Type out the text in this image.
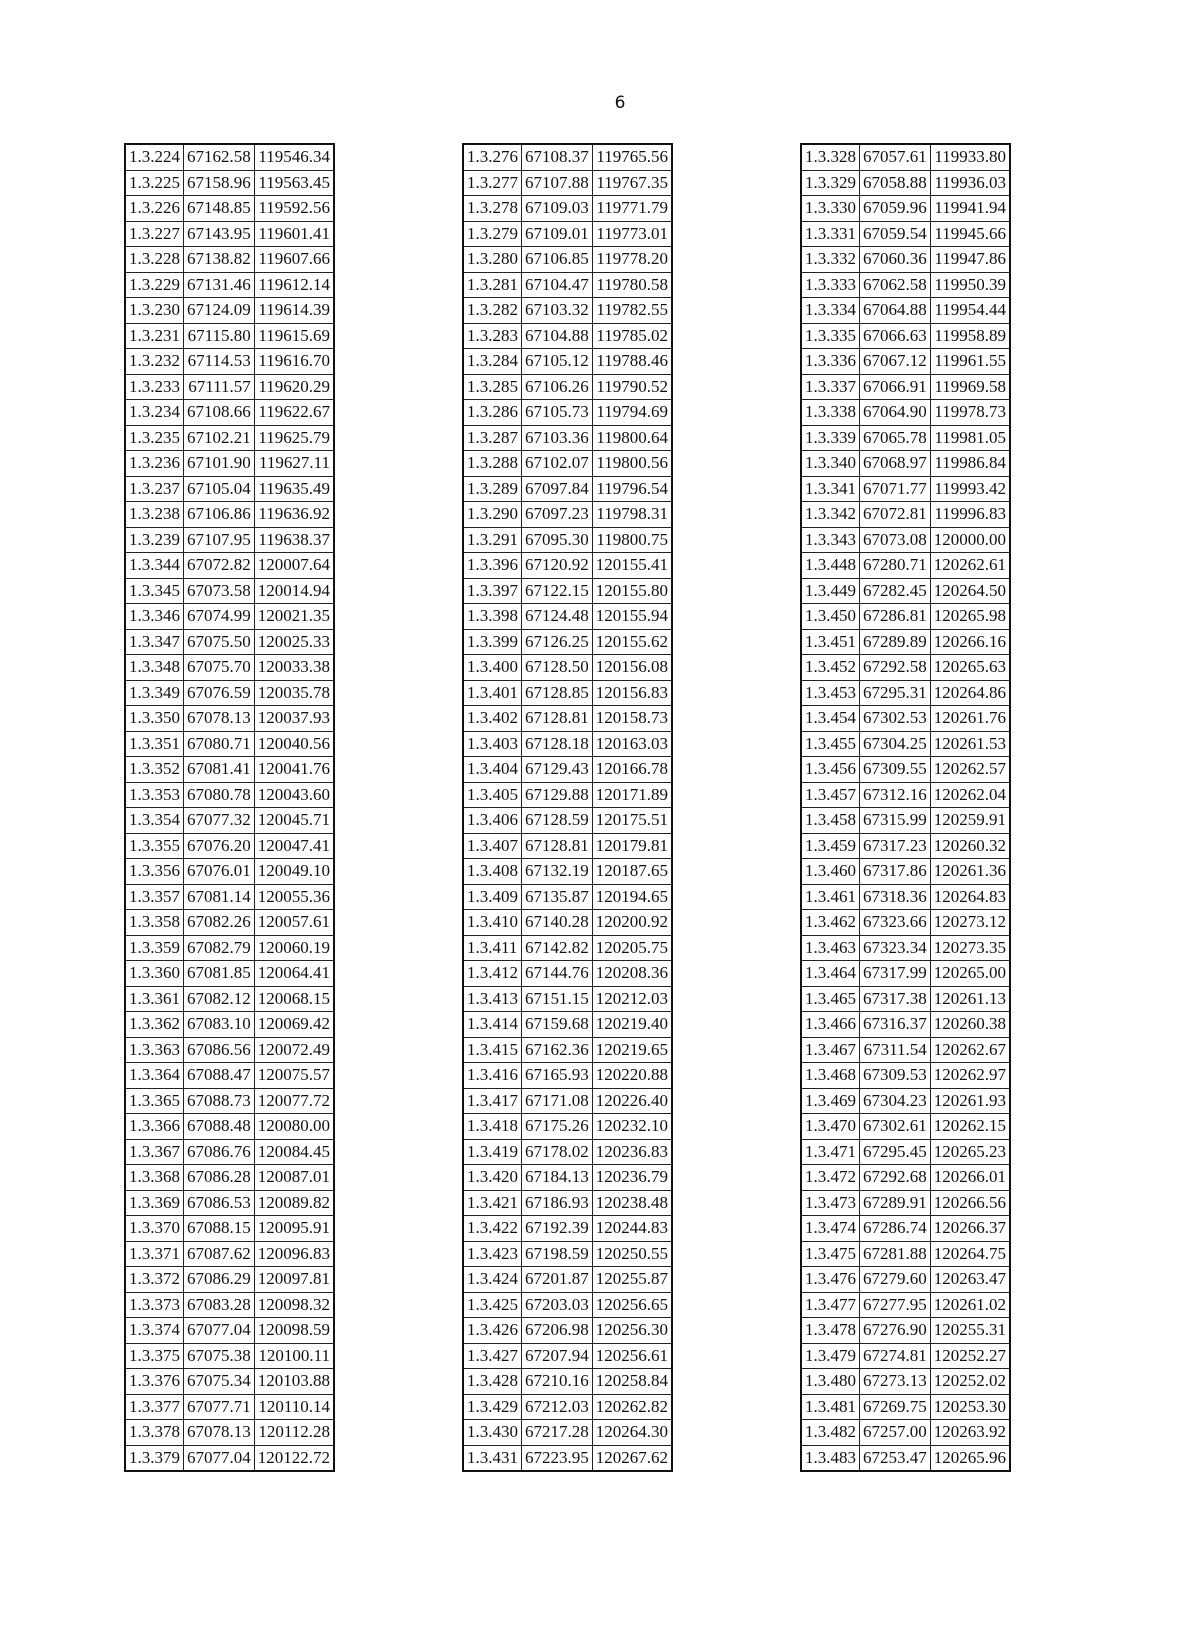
6
1.3.224	67162.58	119546.34
1.3.225	67158.96	119563.45
1.3.226	67148.85	119592.56
1.3.227	67143.95	119601.41
1.3.228	67138.82	119607.66
1.3.229	67131.46	119612.14
1.3.230	67124.09	119614.39
1.3.231	67115.80	119615.69
1.3.232	67114.53	119616.70
1.3.233	67111.57	119620.29
1.3.234	67108.66	119622.67
1.3.235	67102.21	119625.79
1.3.236	67101.90	119627.11
1.3.237	67105.04	119635.49
1.3.238	67106.86	119636.92
1.3.239	67107.95	119638.37
1.3.344	67072.82	120007.64
1.3.345	67073.58	120014.94
1.3.346	67074.99	120021.35
1.3.347	67075.50	120025.33
1.3.348	67075.70	120033.38
1.3.349	67076.59	120035.78
1.3.350	67078.13	120037.93
1.3.351	67080.71	120040.56
1.3.352	67081.41	120041.76
1.3.353	67080.78	120043.60
1.3.354	67077.32	120045.71
1.3.355	67076.20	120047.41
1.3.356	67076.01	120049.10
1.3.357	67081.14	120055.36
1.3.358	67082.26	120057.61
1.3.359	67082.79	120060.19
1.3.360	67081.85	120064.41
1.3.361	67082.12	120068.15
1.3.362	67083.10	120069.42
1.3.363	67086.56	120072.49
1.3.364	67088.47	120075.57
1.3.365	67088.73	120077.72
1.3.366	67088.48	120080.00
1.3.367	67086.76	120084.45
1.3.368	67086.28	120087.01
1.3.369	67086.53	120089.82
1.3.370	67088.15	120095.91
1.3.371	67087.62	120096.83
1.3.372	67086.29	120097.81
1.3.373	67083.28	120098.32
1.3.374	67077.04	120098.59
1.3.375	67075.38	120100.11
1.3.376	67075.34	120103.88
1.3.377	67077.71	120110.14
1.3.378	67078.13	120112.28
1.3.379	67077.04	120122.72
1.3.276	67108.37	119765.56
1.3.277	67107.88	119767.35
1.3.278	67109.03	119771.79
1.3.279	67109.01	119773.01
1.3.280	67106.85	119778.20
1.3.281	67104.47	119780.58
1.3.282	67103.32	119782.55
1.3.283	67104.88	119785.02
1.3.284	67105.12	119788.46
1.3.285	67106.26	119790.52
1.3.286	67105.73	119794.69
1.3.287	67103.36	119800.64
1.3.288	67102.07	119800.56
1.3.289	67097.84	119796.54
1.3.290	67097.23	119798.31
1.3.291	67095.30	119800.75
1.3.396	67120.92	120155.41
1.3.397	67122.15	120155.80
1.3.398	67124.48	120155.94
1.3.399	67126.25	120155.62
1.3.400	67128.50	120156.08
1.3.401	67128.85	120156.83
1.3.402	67128.81	120158.73
1.3.403	67128.18	120163.03
1.3.404	67129.43	120166.78
1.3.405	67129.88	120171.89
1.3.406	67128.59	120175.51
1.3.407	67128.81	120179.81
1.3.408	67132.19	120187.65
1.3.409	67135.87	120194.65
1.3.410	67140.28	120200.92
1.3.411	67142.82	120205.75
1.3.412	67144.76	120208.36
1.3.413	67151.15	120212.03
1.3.414	67159.68	120219.40
1.3.415	67162.36	120219.65
1.3.416	67165.93	120220.88
1.3.417	67171.08	120226.40
1.3.418	67175.26	120232.10
1.3.419	67178.02	120236.83
1.3.420	67184.13	120236.79
1.3.421	67186.93	120238.48
1.3.422	67192.39	120244.83
1.3.423	67198.59	120250.55
1.3.424	67201.87	120255.87
1.3.425	67203.03	120256.65
1.3.426	67206.98	120256.30
1.3.427	67207.94	120256.61
1.3.428	67210.16	120258.84
1.3.429	67212.03	120262.82
1.3.430	67217.28	120264.30
1.3.431	67223.95	120267.62
1.3.328	67057.61	119933.80
1.3.329	67058.88	119936.03
1.3.330	67059.96	119941.94
1.3.331	67059.54	119945.66
1.3.332	67060.36	119947.86
1.3.333	67062.58	119950.39
1.3.334	67064.88	119954.44
1.3.335	67066.63	119958.89
1.3.336	67067.12	119961.55
1.3.337	67066.91	119969.58
1.3.338	67064.90	119978.73
1.3.339	67065.78	119981.05
1.3.340	67068.97	119986.84
1.3.341	67071.77	119993.42
1.3.342	67072.81	119996.83
1.3.343	67073.08	120000.00
1.3.448	67280.71	120262.61
1.3.449	67282.45	120264.50
1.3.450	67286.81	120265.98
1.3.451	67289.89	120266.16
1.3.452	67292.58	120265.63
1.3.453	67295.31	120264.86
1.3.454	67302.53	120261.76
1.3.455	67304.25	120261.53
1.3.456	67309.55	120262.57
1.3.457	67312.16	120262.04
1.3.458	67315.99	120259.91
1.3.459	67317.23	120260.32
1.3.460	67317.86	120261.36
1.3.461	67318.36	120264.83
1.3.462	67323.66	120273.12
1.3.463	67323.34	120273.35
1.3.464	67317.99	120265.00
1.3.465	67317.38	120261.13
1.3.466	67316.37	120260.38
1.3.467	67311.54	120262.67
1.3.468	67309.53	120262.97
1.3.469	67304.23	120261.93
1.3.470	67302.61	120262.15
1.3.471	67295.45	120265.23
1.3.472	67292.68	120266.01
1.3.473	67289.91	120266.56
1.3.474	67286.74	120266.37
1.3.475	67281.88	120264.75
1.3.476	67279.60	120263.47
1.3.477	67277.95	120261.02
1.3.478	67276.90	120255.31
1.3.479	67274.81	120252.27
1.3.480	67273.13	120252.02
1.3.481	67269.75	120253.30
1.3.482	67257.00	120263.92
1.3.483	67253.47	120265.96
